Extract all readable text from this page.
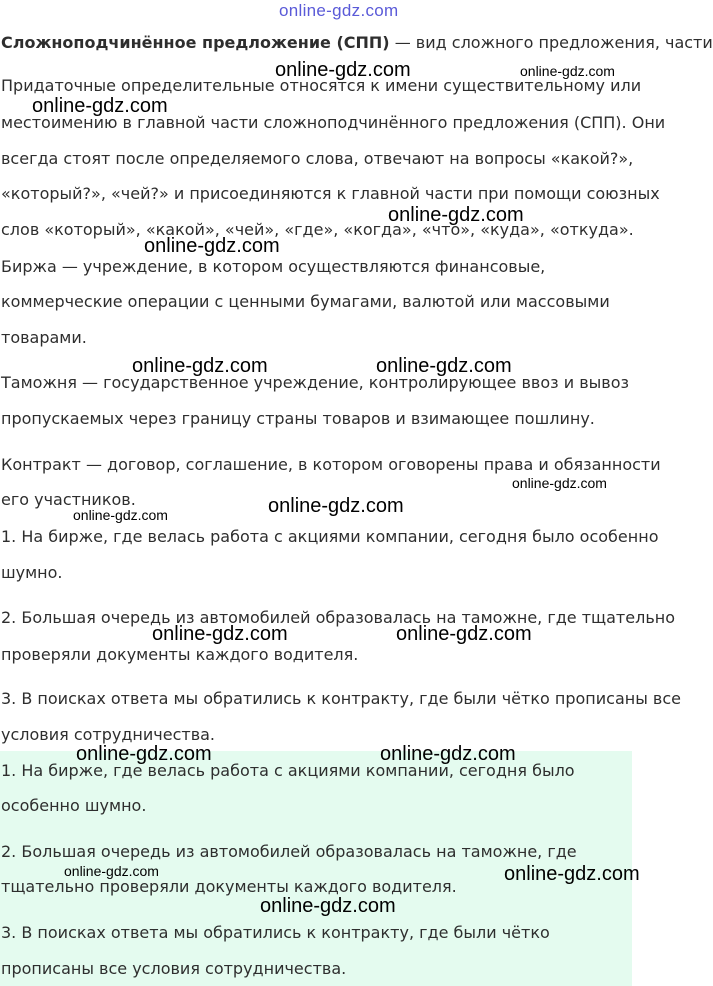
online-gdz.com
Сложноподчинённое предложение (СПП) — вид сложного предложения, части
Придаточные определительные относятся к имени существительному или
местоимению в главной части сложноподчинённого предложения (СПП). Они
всегда стоят после определяемого слова, отвечают на вопросы «какой?»,
«который?», «чей?» и присоединяются к главной части при помощи союзных
слов «который», «какой», «чей», «где», «когда», «что», «куда», «откуда».
Биржа — учреждение, в котором осуществляются финансовые,
коммерческие операции с ценными бумагами, валютой или массовыми
товарами.
Таможня — государственное учреждение, контролирующее ввоз и вывоз
пропускаемых через границу страны товаров и взимающее пошлину.
Контракт — договор, соглашение, в котором оговорены права и обязанности
его участников.
1. На бирже, где велась работа с акциями компании, сегодня было особенно
шумно.
2. Большая очередь из автомобилей образовалась на таможне, где тщательно
проверяли документы каждого водителя.
3. В поисках ответа мы обратились к контракту, где были чётко прописаны все
условия сотрудничества.
1. На бирже, где велась работа с акциями компании, сегодня было
особенно шумно.
2. Большая очередь из автомобилей образовалась на таможне, где
тщательно проверяли документы каждого водителя.
3. В поисках ответа мы обратились к контракту, где были чётко
прописаны все условия сотрудничества.
online-gdz.com	online-gdz.com
online-gdz.com
online-gdz.com
online-gdz.com
online-gdz.com	online-gdz.com
online-gdz.com
online-gdz.com
online-gdz.com
online-gdz.com	online-gdz.com
online-gdz.com	online-gdz.com
online-gdz.com	online-gdz.com
online-gdz.com
